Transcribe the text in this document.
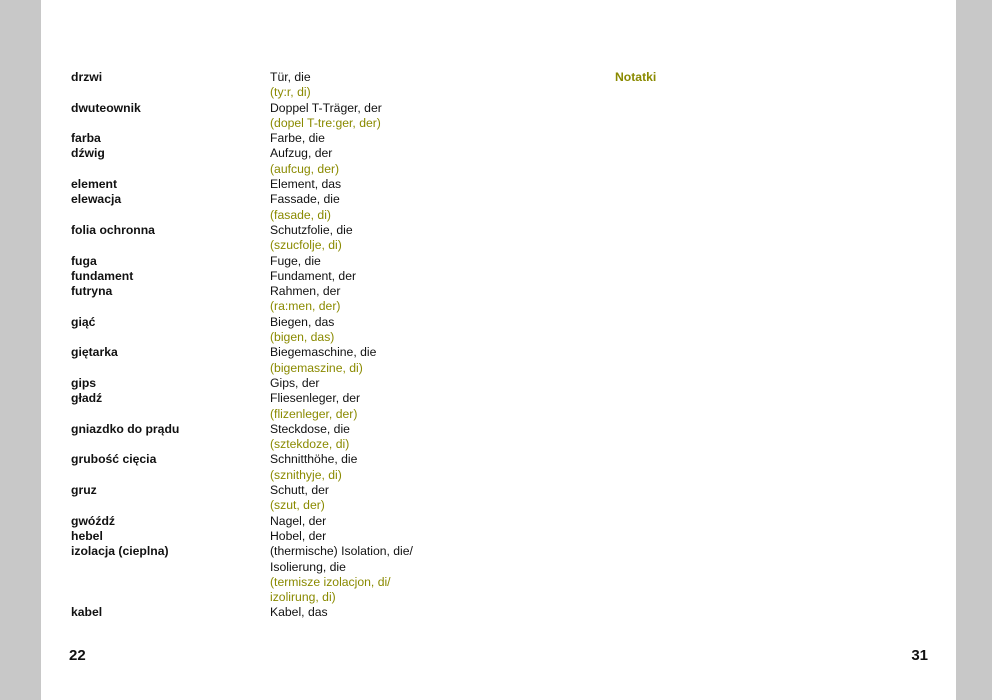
drzwi	Tür, die
(ty:r, di)
dwuteownik	Doppel T-Träger, der
(dopel T-tre:ger, der)
farba	Farbe, die
dźwig	Aufzug, der
(aufcug, der)
element	Element, das
elewacja	Fassade, die
(fasade, di)
folia ochronna	Schutzfolie, die
(szucfolje, di)
fuga	Fuge, die
fundament	Fundament, der
futryna	Rahmen, der
(ra:men, der)
giąć	Biegen, das
(bigen, das)
giętarka	Biegemaschine, die
(bigemaszine, di)
gips	Gips, der
gładź	Fliesenleger, der
(flizenleger, der)
gniazdko do prądu	Steckdose, die
(sztekdoze, di)
grubość cięcia	Schnitthöhe, die
(sznithyje, di)
gruz	Schutt, der
(szut, der)
gwóźdź	Nagel, der
hebel	Hobel, der
izolacja (cieplna)	(thermische) Isolation, die/
Isolierung, die
(termisze izolacjon, di/
izolirung, di)
kabel	Kabel, das
Notatki
22	31
